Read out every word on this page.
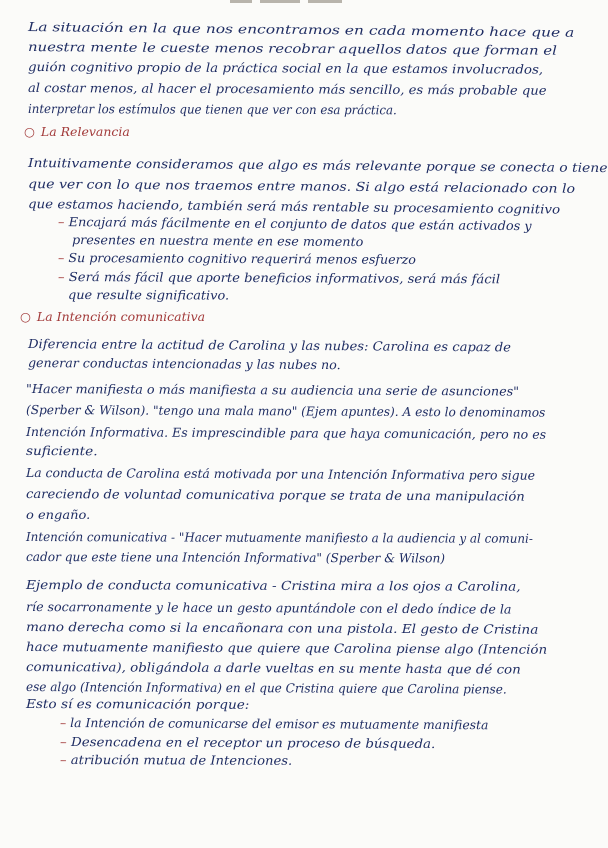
La situación en la que nos encontramos en cada momento hace que a
nuestra mente le cueste menos recobrar aquellos datos que forman el
guión cognitivo propio de la práctica social en la que estamos involucrados,
al costar menos, al hacer el procesamiento más sencillo, es más probable que
interpretar los estímulos que tienen que ver con esa práctica.
○ La Relevancia
Intuitivamente consideramos que algo es más relevante porque se conecta o tiene
que ver con lo que nos traemos entre manos. Si algo está relacionado con lo
que estamos haciendo, también será más rentable su procesamiento cognitivo
– Encajará más fácilmente en el conjunto de datos que están activados y
presentes en nuestra mente en ese momento
– Su procesamiento cognitivo requerirá menos esfuerzo
– Será más fácil que aporte beneficios informativos, será más fácil
que resulte significativo.
○ La Intención comunicativa
Diferencia entre la actitud de Carolina y las nubes: Carolina es capaz de
generar conductas intencionadas y las nubes no.
"Hacer manifiesta o más manifiesta a su audiencia una serie de asunciones"
(Sperber & Wilson). "tengo una mala mano" (Ejem apuntes). A esto lo denominamos
Intención Informativa. Es imprescindible para que haya comunicación, pero no es
suficiente.
La conducta de Carolina está motivada por una Intención Informativa pero sigue
careciendo de voluntad comunicativa porque se trata de una manipulación
o engaño.
Intención comunicativa - "Hacer mutuamente manifiesto a la audiencia y al comuni-
cador que este tiene una Intención Informativa" (Sperber & Wilson)
Ejemplo de conducta comunicativa - Cristina mira a los ojos a Carolina,
ríe socarronamente y le hace un gesto apuntándole con el dedo índice de la
mano derecha como si la encañonara con una pistola. El gesto de Cristina
hace mutuamente manifiesto que quiere que Carolina piense algo (Intención
comunicativa), obligándola a darle vueltas en su mente hasta que dé con
ese algo (Intención Informativa) en el que Cristina quiere que Carolina piense.
Esto sí es comunicación porque:
– la Intención de comunicarse del emisor es mutuamente manifiesta
– Desencadena en el receptor un proceso de búsqueda.
– atribución mutua de Intenciones.
